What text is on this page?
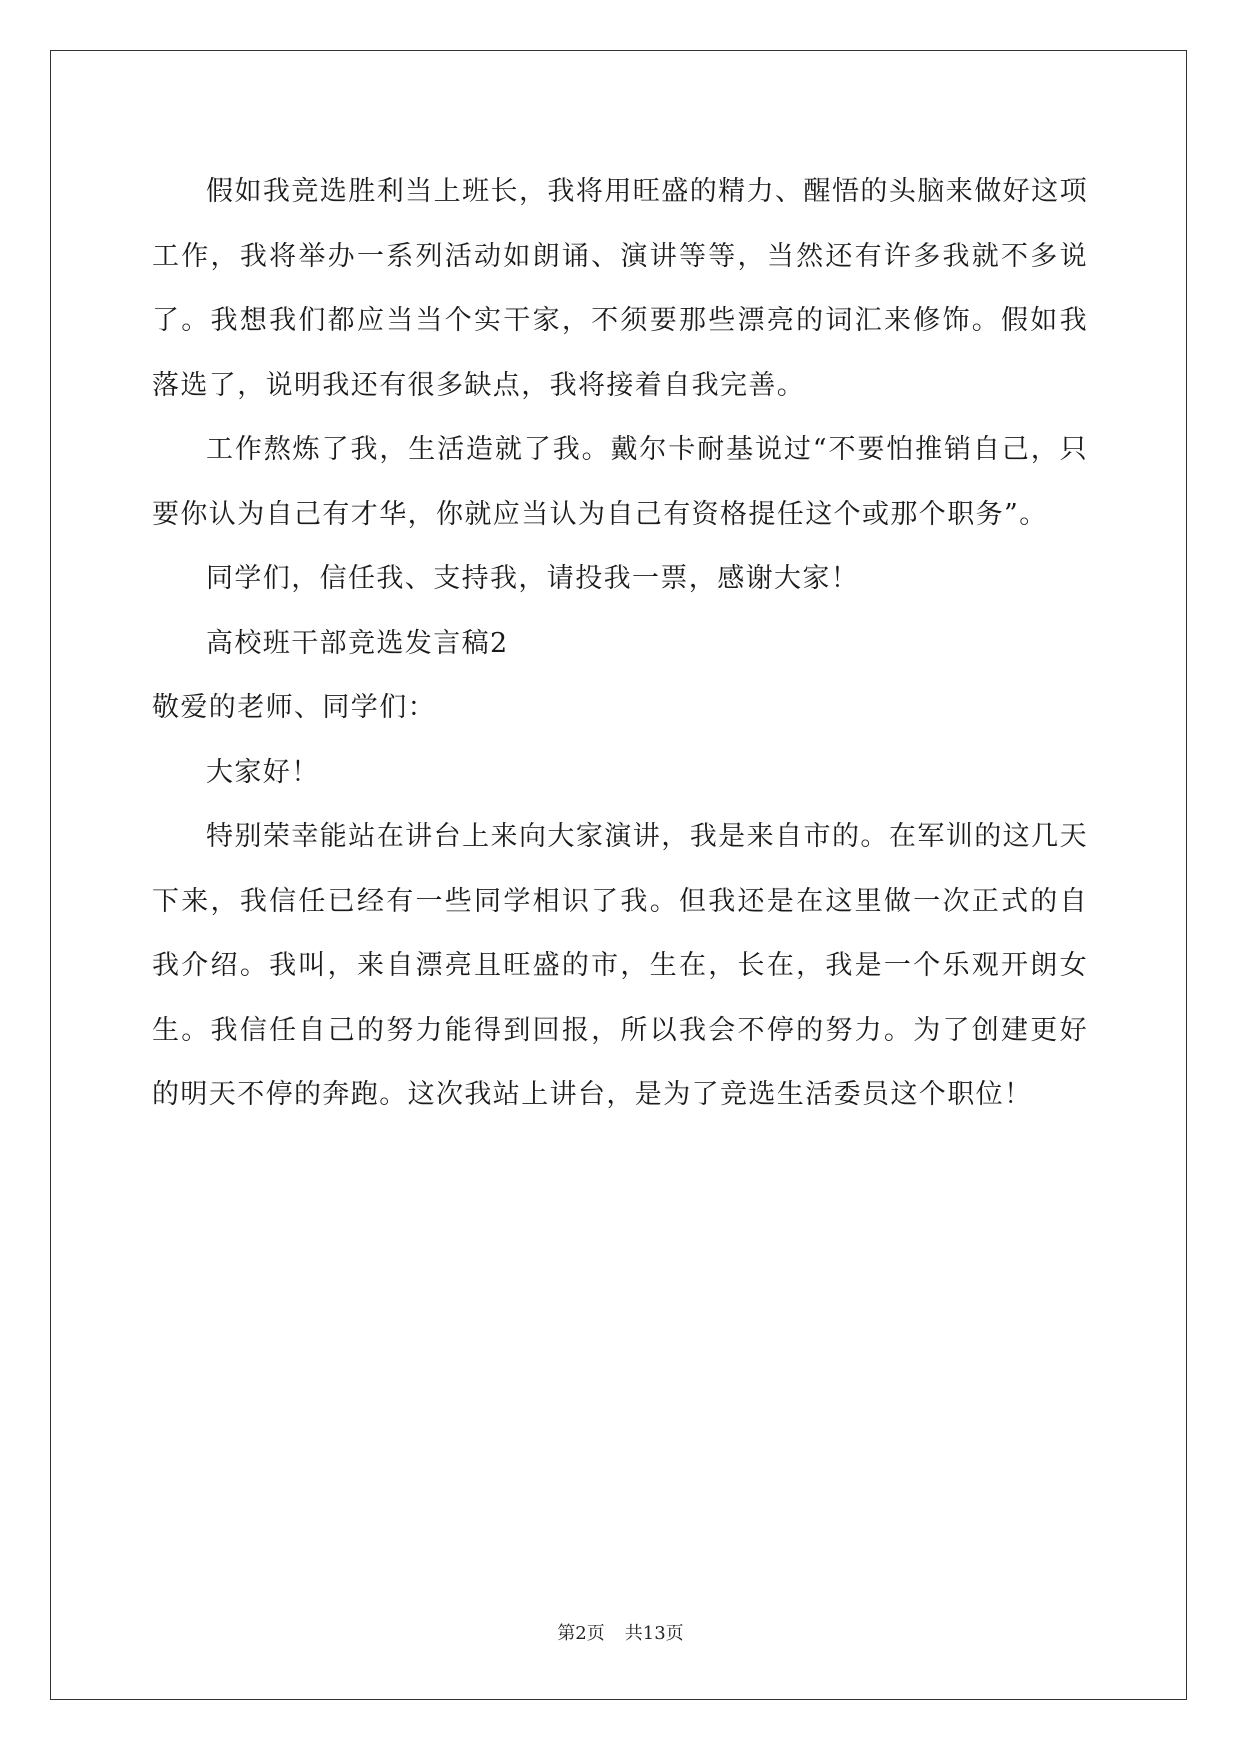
假如我竞选胜利当上班长，我将用旺盛的精力、醒悟的头脑来做好这项工作，我将举办一系列活动如朗诵、演讲等等，当然还有许多我就不多说了。我想我们都应当当个实干家，不须要那些漂亮的词汇来修饰。假如我落选了，说明我还有很多缺点，我将接着自我完善。

工作熬炼了我，生活造就了我。戴尔卡耐基说过“不要怕推销自己，只要你认为自己有才华，你就应当认为自己有资格提任这个或那个职务”。

同学们，信任我、支持我，请投我一票，感谢大家！

高校班干部竞选发言稿2

敬爱的老师、同学们：

大家好！

特别荣幸能站在讲台上来向大家演讲，我是来自市的。在军训的这几天下来，我信任已经有一些同学相识了我。但我还是在这里做一次正式的自我介绍。我叫，来自漂亮且旺盛的市，生在，长在，我是一个乐观开朗女生。我信任自己的努力能得到回报，所以我会不停的努力。为了创建更好的明天不停的奔跑。这次我站上讲台，是为了竞选生活委员这个职位！

第2页 共13页
